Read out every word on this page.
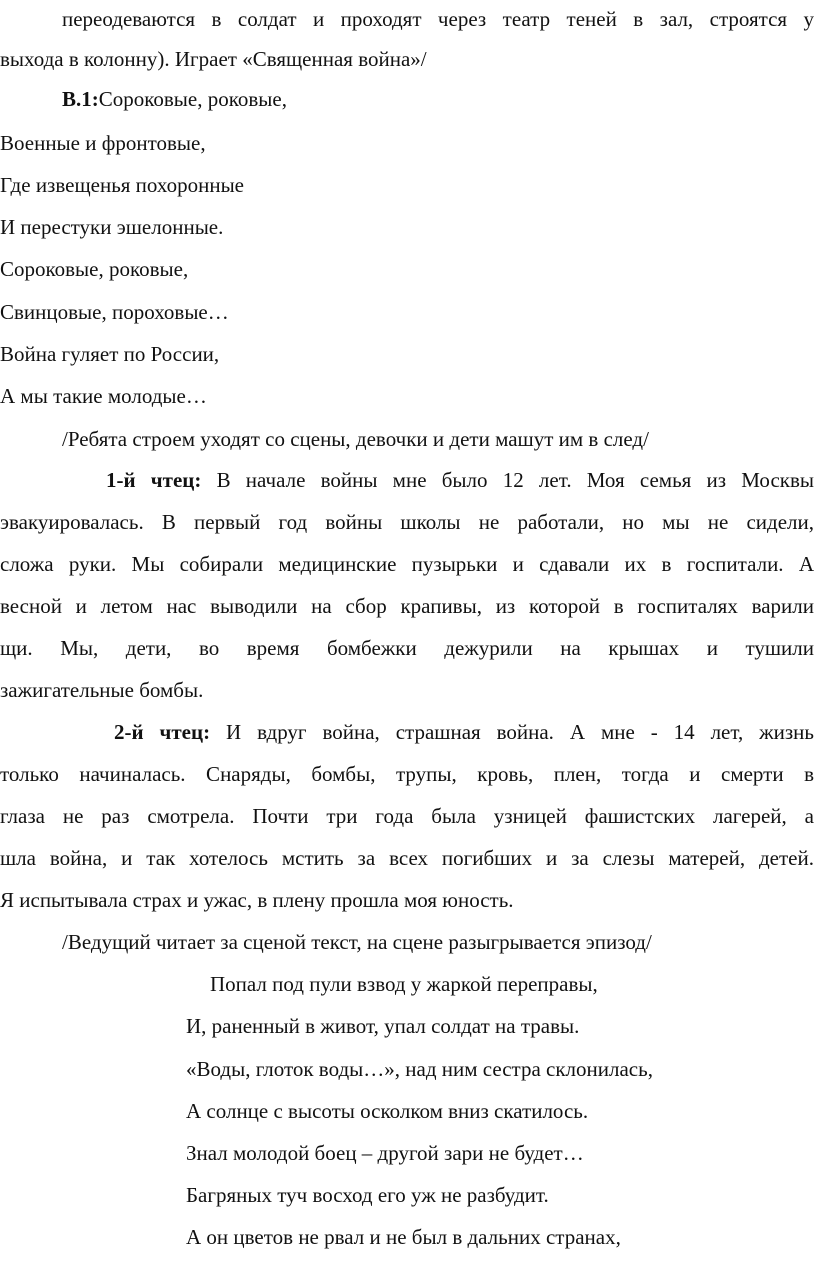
переодеваются в солдат и проходят через театр теней в зал, строятся у
выхода в колонну). Играет «Священная война»/
В.1:Сороковые, роковые,
Военные и фронтовые,
Где извещенья похоронные
И перестуки эшелонные.
Сороковые, роковые,
Свинцовые, пороховые…
Война гуляет по России,
А мы такие молодые…
/Ребята строем уходят со сцены, девочки и дети машут им в след/
1-й чтец: В начале войны мне было 12 лет. Моя семья из Москвы
эвакуировалась. В первый год войны школы не работали, но мы не сидели,
сложа руки. Мы собирали медицинские пузырьки и сдавали их в госпитали. А
весной и летом нас выводили на сбор крапивы, из которой в госпиталях варили
щи. Мы, дети, во время бомбежки дежурили на крышах и тушили
зажигательные бомбы.
2-й чтец: И вдруг война, страшная война. А мне - 14 лет, жизнь
только начиналась. Снаряды, бомбы, трупы, кровь, плен, тогда и смерти в
глаза не раз смотрела. Почти три года была узницей фашистских лагерей, а
шла война, и так хотелось мстить за всех погибших и за слезы матерей, детей.
Я испытывала страх и ужас, в плену прошла моя юность.
/Ведущий читает за сценой текст, на сцене разыгрывается эпизод/
Попал под пули взвод у жаркой переправы,
И, раненный в живот, упал солдат на травы.
«Воды, глоток воды…», над ним сестра склонилась,
А солнце с высоты осколком вниз скатилось.
Знал молодой боец – другой зари не будет…
Багряных туч восход его уж не разбудит.
А он цветов не рвал и не был в дальних странах,
